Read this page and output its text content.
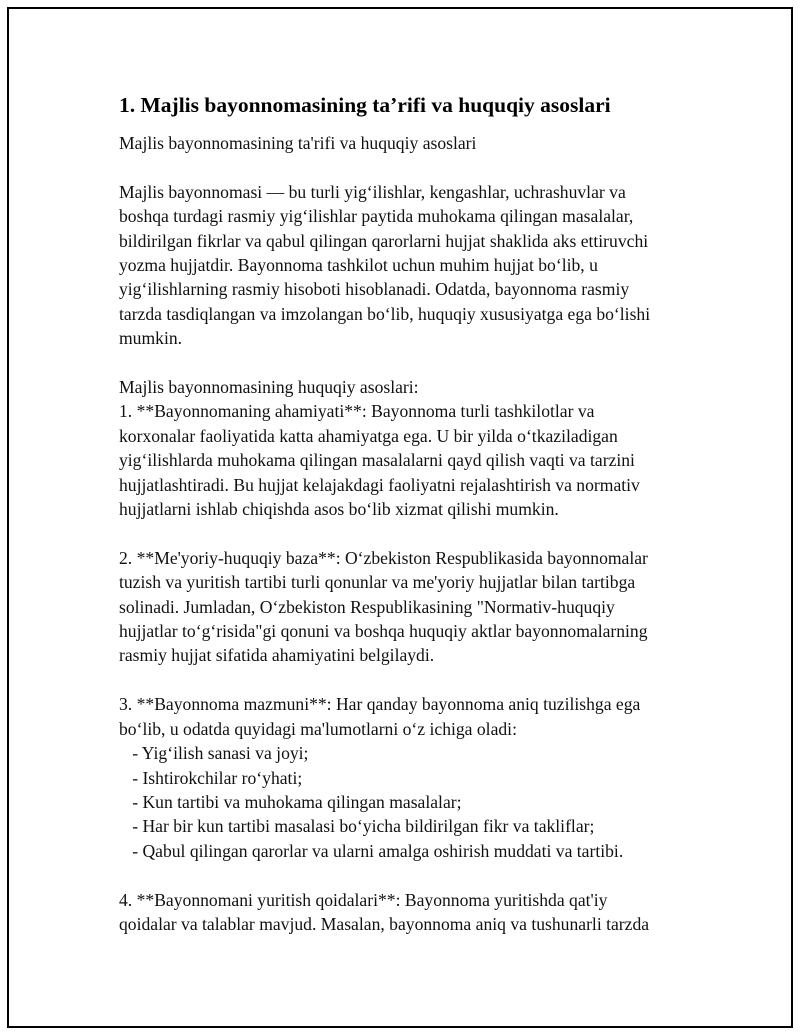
1. Majlis bayonnomasining ta’rifi va huquqiy asoslari

Majlis bayonnomasining ta'rifi va huquqiy asoslari

Majlis bayonnomasi — bu turli yig‘ilishlar, kengashlar, uchrashuvlar va
boshqa turdagi rasmiy yig‘ilishlar paytida muhokama qilingan masalalar,
bildirilgan fikrlar va qabul qilingan qarorlarni hujjat shaklida aks ettiruvchi
yozma hujjatdir. Bayonnoma tashkilot uchun muhim hujjat bo‘lib, u
yig‘ilishlarning rasmiy hisoboti hisoblanadi. Odatda, bayonnoma rasmiy
tarzda tasdiqlangan va imzolangan bo‘lib, huquqiy xususiyatga ega bo‘lishi
mumkin.

Majlis bayonnomasining huquqiy asoslari:

1. **Bayonnomaning ahamiyati**: Bayonnoma turli tashkilotlar va
korxonalar faoliyatida katta ahamiyatga ega. U bir yilda o‘tkaziladigan
yig‘ilishlarda muhokama qilingan masalalarni qayd qilish vaqti va tarzini
hujjatlashtiradi. Bu hujjat kelajakdagi faoliyatni rejalashtirish va normativ
hujjatlarni ishlab chiqishda asos bo‘lib xizmat qilishi mumkin.

2. **Me'yoriy-huquqiy baza**: O‘zbekiston Respublikasida bayonnomalar
tuzish va yuritish tartibi turli qonunlar va me'yoriy hujjatlar bilan tartibga
solinadi. Jumladan, O‘zbekiston Respublikasining "Normativ-huquqiy
hujjatlar to‘g‘risida"gi qonuni va boshqa huquqiy aktlar bayonnomalarning
rasmiy hujjat sifatida ahamiyatini belgilaydi.

3. **Bayonnoma mazmuni**: Har qanday bayonnoma aniq tuzilishga ega
bo‘lib, u odatda quyidagi ma'lumotlarni o‘z ichiga oladi:

- Yig‘ilish sanasi va joyi;
- Ishtirokchilar ro‘yhati;
- Kun tartibi va muhokama qilingan masalalar;
- Har bir kun tartibi masalasi bo‘yicha bildirilgan fikr va takliflar;
- Qabul qilingan qarorlar va ularni amalga oshirish muddati va tartibi.

4. **Bayonnomani yuritish qoidalari**: Bayonnoma yuritishda qat'iy
qoidalar va talablar mavjud. Masalan, bayonnoma aniq va tushunarli tarzda
